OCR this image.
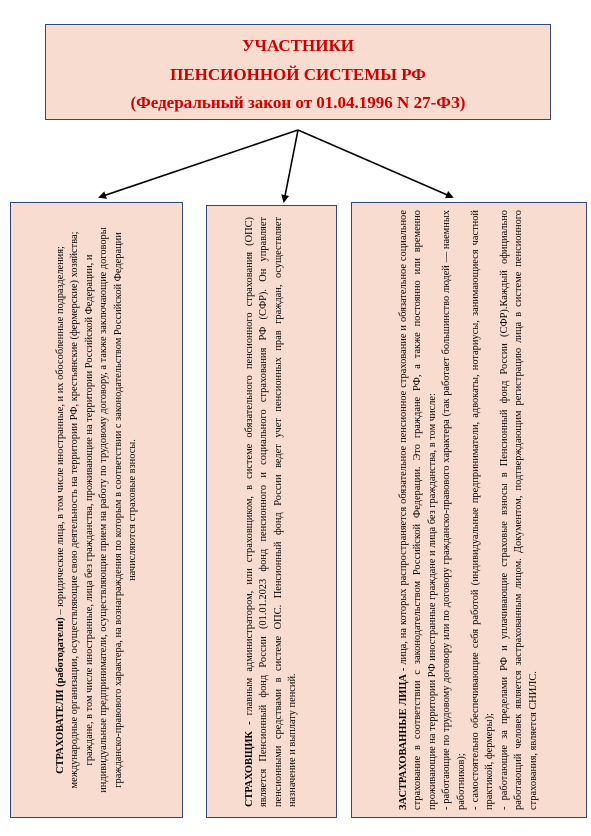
УЧАСТНИКИ
ПЕНСИОННОЙ СИСТЕМЫ РФ
(Федеральный закон от 01.04.1996 N 27-ФЗ)
СТРАХОВАТЕЛИ (работодатели) – юридические лица, в том числе иностранные, и их обособленные подразделения; международные организации, осуществляющие свою деятельность на территории РФ, крестьянские (фермерские) хозяйства; граждане, в том числе иностранные, лица без гражданства, проживающие на территории Российской Федерации, и индивидуальные предприниматели, осуществляющие прием на работу по трудовому договору, а также заключающие договоры гражданско-правового характера, на вознаграждения по которым в соответствии с законодательством Российской Федерации начисляются страховые взносы.
СТРАХОВЩИК - главным администратором, или страховщиком, в системе обязательного пенсионного страхования (ОПС) является Пенсионный фонд России (01.01.2023 фонд пенсионного и социального страхования РФ (СФР). Он управляет пенсионными средствами в системе ОПС. Пенсионный фонд России ведет учет пенсионных прав граждан, осуществляет назначение и выплату пенсий.	ЗАСТРАХОВАННЫЕ ЛИЦА - лица, на которых распространяется обязательное пенсионное страхование и обязательное социальное страхование в соответствии с законодательством Российской Федерации. Это граждане РФ, а также постоянно или временно проживающие на территории РФ иностранные граждане и лица без гражданства, в том числе: - работающие по трудовому договору или по договору гражданско-правового характера (так работает большинство людей — наемных работников); - самостоятельно обеспечивающие себя работой (индивидуальные предприниматели, адвокаты, нотариусы, занимающиеся частной практикой, фермеры); - работающие за пределами РФ и уплачивающие страховые взносы в Пенсионный фонд России (СФР).Каждый официально работающий человек является застрахованным лицом. Документом, подтверждающим регистрацию лица в системе пенсионного страхования, является СНИЛС.
